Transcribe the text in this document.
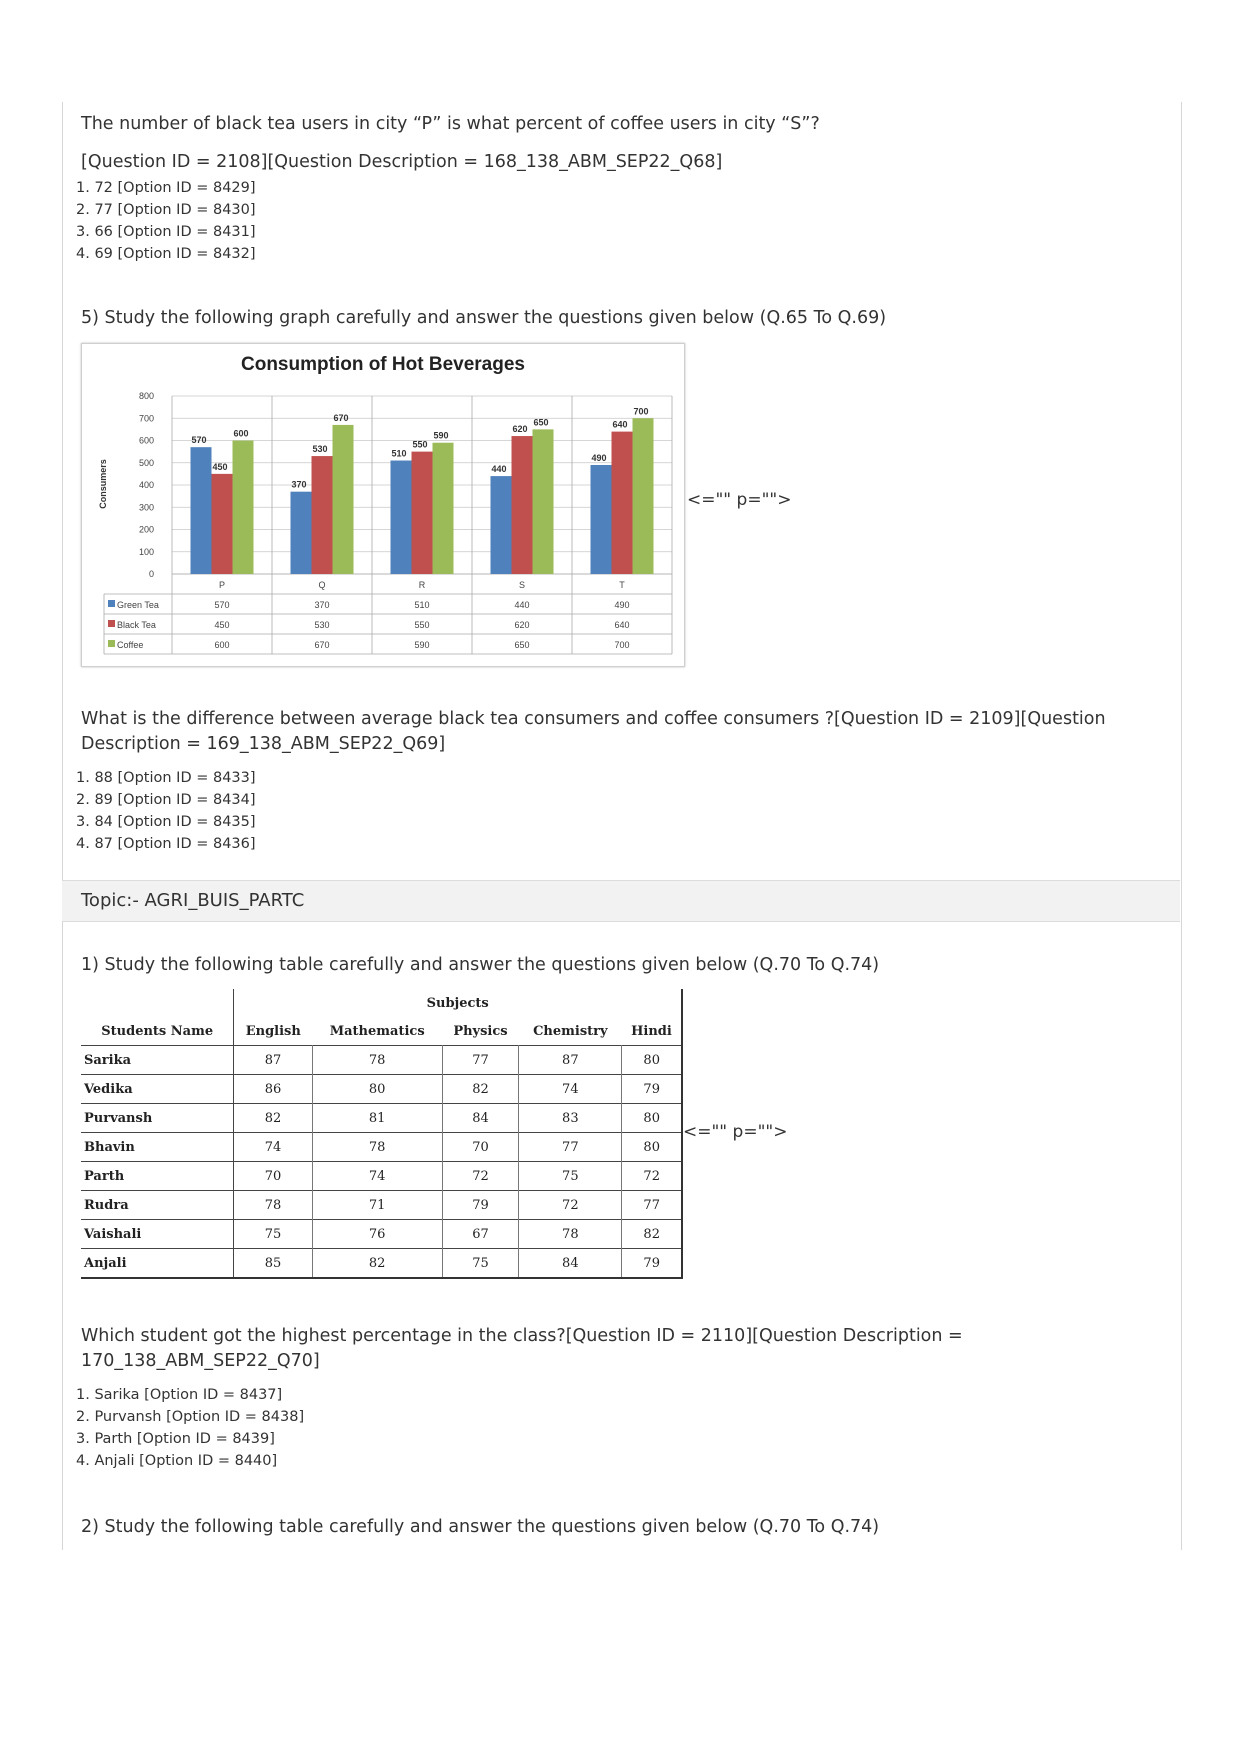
The number of black tea users in city “P” is what percent of coffee users in city “S”?
[Question ID = 2108][Question Description = 168_138_ABM_SEP22_Q68]
1. 72 [Option ID = 8429]
2. 77 [Option ID = 8430]
3. 66 [Option ID = 8431]
4. 69 [Option ID = 8432]
5) Study the following graph carefully and answer the questions given below (Q.65 To Q.69)
Consumption of Hot Beverages
Consumers
0
100
200
300
400
500
600
700
800
570
450
600
P
370
530
670
Q
510
550
590
R
440
620
650
S
490
640
700
T
Green Tea	570	370	510	440	490
Black Tea	450	530	550	620	640
Coffee	600	670	590	650	700
<="" p="">
What is the difference between average black tea consumers and coffee consumers ?[Question ID = 2109][Question
Description = 169_138_ABM_SEP22_Q69]
1. 88 [Option ID = 8433]
2. 89 [Option ID = 8434]
3. 84 [Option ID = 8435]
4. 87 [Option ID = 8436]
Topic:- AGRI_BUIS_PARTC
1) Study the following table carefully and answer the questions given below (Q.70 To Q.74)
	Subjects				
Students Name	English	Mathematics	Physics	Chemistry	Hindi
Sarika	87	78	77	87	80
Vedika	86	80	82	74	79
Purvansh	82	81	84	83	80
Bhavin	74	78	70	77	80
Parth	70	74	72	75	72
Rudra	78	71	79	72	77
Vaishali	75	76	67	78	82
Anjali	85	82	75	84	79
<="" p="">
Which student got the highest percentage in the class?[Question ID = 2110][Question Description =
170_138_ABM_SEP22_Q70]
1. Sarika [Option ID = 8437]
2. Purvansh [Option ID = 8438]
3. Parth [Option ID = 8439]
4. Anjali [Option ID = 8440]
2) Study the following table carefully and answer the questions given below (Q.70 To Q.74)
